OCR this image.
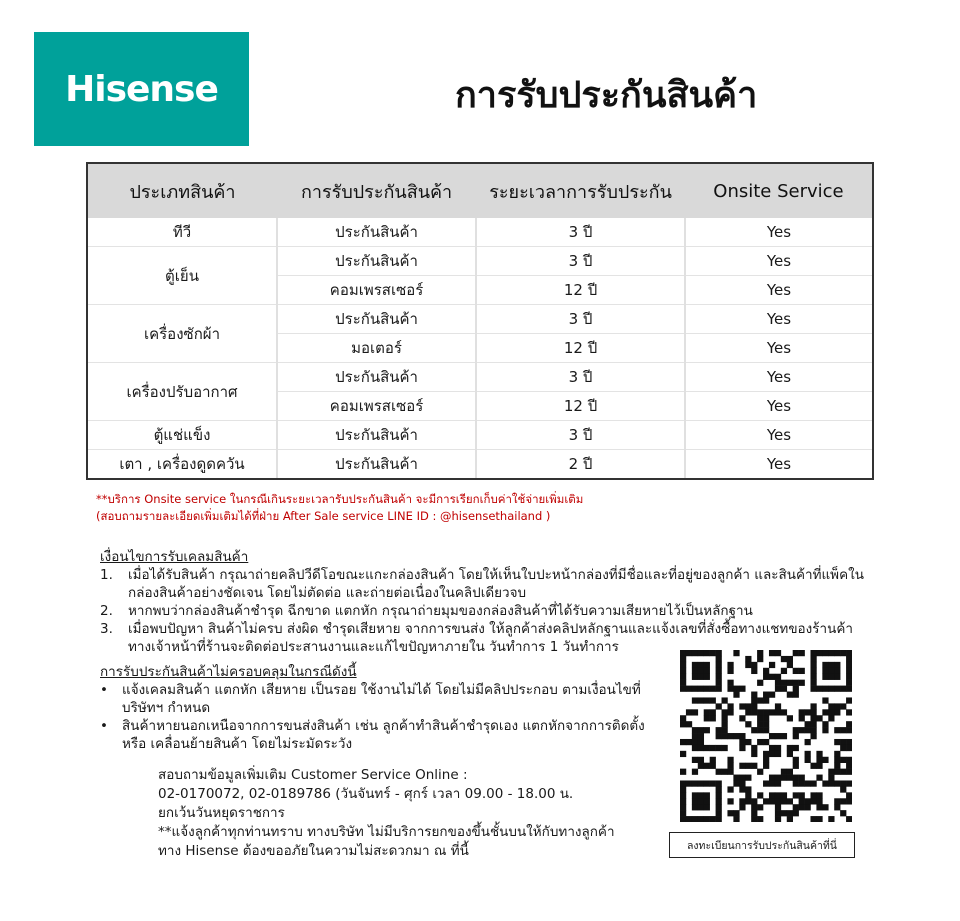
Hisense	การรับประกันสินค้า
ประเภทสินค้า	การรับประกันสินค้า	ระยะเวลาการรับประกัน	Onsite Service
ทีวี	ประกันสินค้า	3 ปี	Yes
ตู้เย็น	ประกันสินค้า	3 ปี	Yes
	คอมเพรสเซอร์	12 ปี	Yes
เครื่องซักผ้า	ประกันสินค้า	3 ปี	Yes
	มอเตอร์	12 ปี	Yes
เครื่องปรับอากาศ	ประกันสินค้า	3 ปี	Yes
	คอมเพรสเซอร์	12 ปี	Yes
ตู้แช่แข็ง	ประกันสินค้า	3 ปี	Yes
เตา , เครื่องดูดควัน	ประกันสินค้า	2 ปี	Yes
**บริการ Onsite service ในกรณีเกินระยะเวลารับประกันสินค้า จะมีการเรียกเก็บค่าใช้จ่ายเพิ่มเติม
(สอบถามรายละเอียดเพิ่มเติมได้ที่ฝ่าย After Sale service LINE ID : @hisensethailand )

เงื่อนไขการรับเคลมสินค้า

1.	เมื่อได้รับสินค้า กรุณาถ่ายคลิปวีดีโอขณะแกะกล่องสินค้า โดยให้เห็นใบปะหน้ากล่องที่มีชื่อและที่อยู่ของลูกค้า และสินค้าที่แพ็คในกล่องสินค้าอย่างชัดเจน โดยไม่ตัดต่อ และถ่ายต่อเนื่องในคลิปเดียวจบ
2.	หากพบว่ากล่องสินค้าชำรุด ฉีกขาด แตกหัก กรุณาถ่ายมุมของกล่องสินค้าที่ได้รับความเสียหายไว้เป็นหลักฐาน
3.	เมื่อพบปัญหา สินค้าไม่ครบ ส่งผิด ชำรุดเสียหาย จากการขนส่ง ให้ลูกค้าส่งคลิปหลักฐานและแจ้งเลขที่สั่งซื้อทางแชทของร้านค้า ทางเจ้าหน้าที่ร้านจะติดต่อประสานงานและแก้ไขปัญหาภายใน วันทำการ 1 วันทำการ

การรับประกันสินค้าไม่ครอบคลุมในกรณีดังนี้

•	แจ้งเคลมสินค้า แตกหัก เสียหาย เป็นรอย ใช้งานไม่ได้ โดยไม่มีคลิปประกอบ ตามเงื่อนไขที่บริษัทฯ กำหนด
•	สินค้าหายนอกเหนือจากการขนส่งสินค้า เช่น ลูกค้าทำสินค้าชำรุดเอง แตกหักจากการติดตั้ง หรือ เคลื่อนย้ายสินค้า โดยไม่ระมัดระวัง
สอบถามข้อมูลเพิ่มเติม Customer Service Online :
02-0170072, 02-0189786 (วันจันทร์ - ศุกร์ เวลา 09.00 - 18.00 น.
ยกเว้นวันหยุดราชการ
**แจ้งลูกค้าทุกท่านทราบ ทางบริษัท ไม่มีบริการยกของขึ้นชั้นบนให้กับทางลูกค้า
ทาง Hisense ต้องขออภัยในความไม่สะดวกมา ณ ที่นี้	ลงทะเบียนการรับประกันสินค้าที่นี่
